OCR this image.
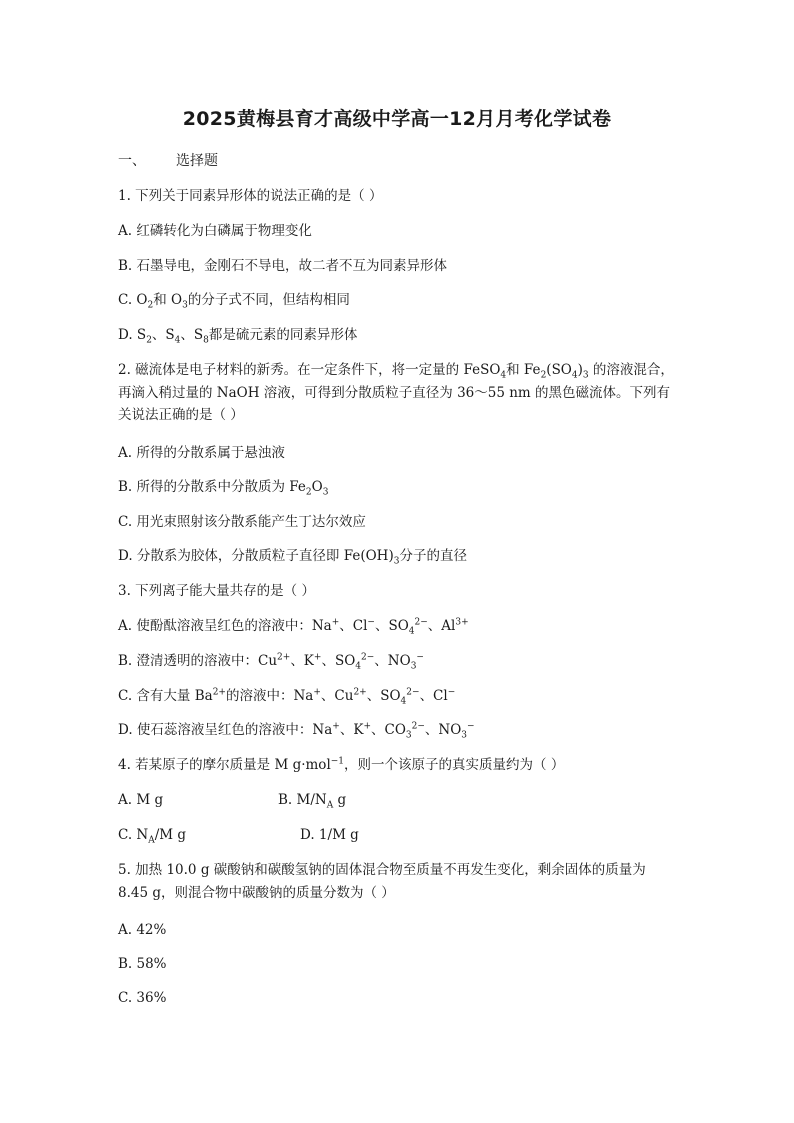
2025黄梅县育才高级中学高一12月月考化学试卷
一、 选择题
1. 下列关于同素异形体的说法正确的是（ ）
A. 红磷转化为白磷属于物理变化
B. 石墨导电，金刚石不导电，故二者不互为同素异形体
C. $O_2$和 $O_3$的分子式不同，但结构相同
D. $S_2$、$S_4$、$S_8$都是硫元素的同素异形体
2. 磁流体是电子材料的新秀。在一定条件下，将一定量的 FeSO$_4$和 $Fe_2(SO_4)_3$ 的溶液混合，再滴入稍过量的 NaOH 溶液，可得到分散质粒子直径为 36～55 nm 的黑色磁流体。下列有关说法正确的是（ ）
A. 所得的分散系属于悬浊液
B. 所得的分散系中分散质为 $Fe_2O_3$
C. 用光束照射该分散系能产生丁达尔效应
D. 分散系为胶体，分散质粒子直径即 $Fe(OH)_3$分子的直径
3. 下列离子能大量共存的是（ ）
A. 使酚酞溶液呈红色的溶液中：Na+、Cl−、$SO_4^{2-}$、$Al^{3+}$
B. 澄清透明的溶液中：$Cu^{2+}$、K+、$SO_4^{2-}$、$NO_3^-$
C. 含有大量 $Ba^{2+}$的溶液中：Na+、$Cu^{2+}$、$SO_4^{2-}$、Cl−
D. 使石蕊溶液呈红色的溶液中：Na+、K+、$CO_3^{2-}$、$NO_3^-$
4. 若某原子的摩尔质量是 M g·mol$^{-1}$，则一个该原子的真实质量约为（ ）
A. M g	B. $M/N_A$ g
C. $N_A/M$ g	D. 1/M g
5. 加热 10.0 g 碳酸钠和碳酸氢钠的固体混合物至质量不再发生变化，剩余固体的质量为 8.45 g，则混合物中碳酸钠的质量分数为（ ）
A. 42%
B. 58%
C. 36%
